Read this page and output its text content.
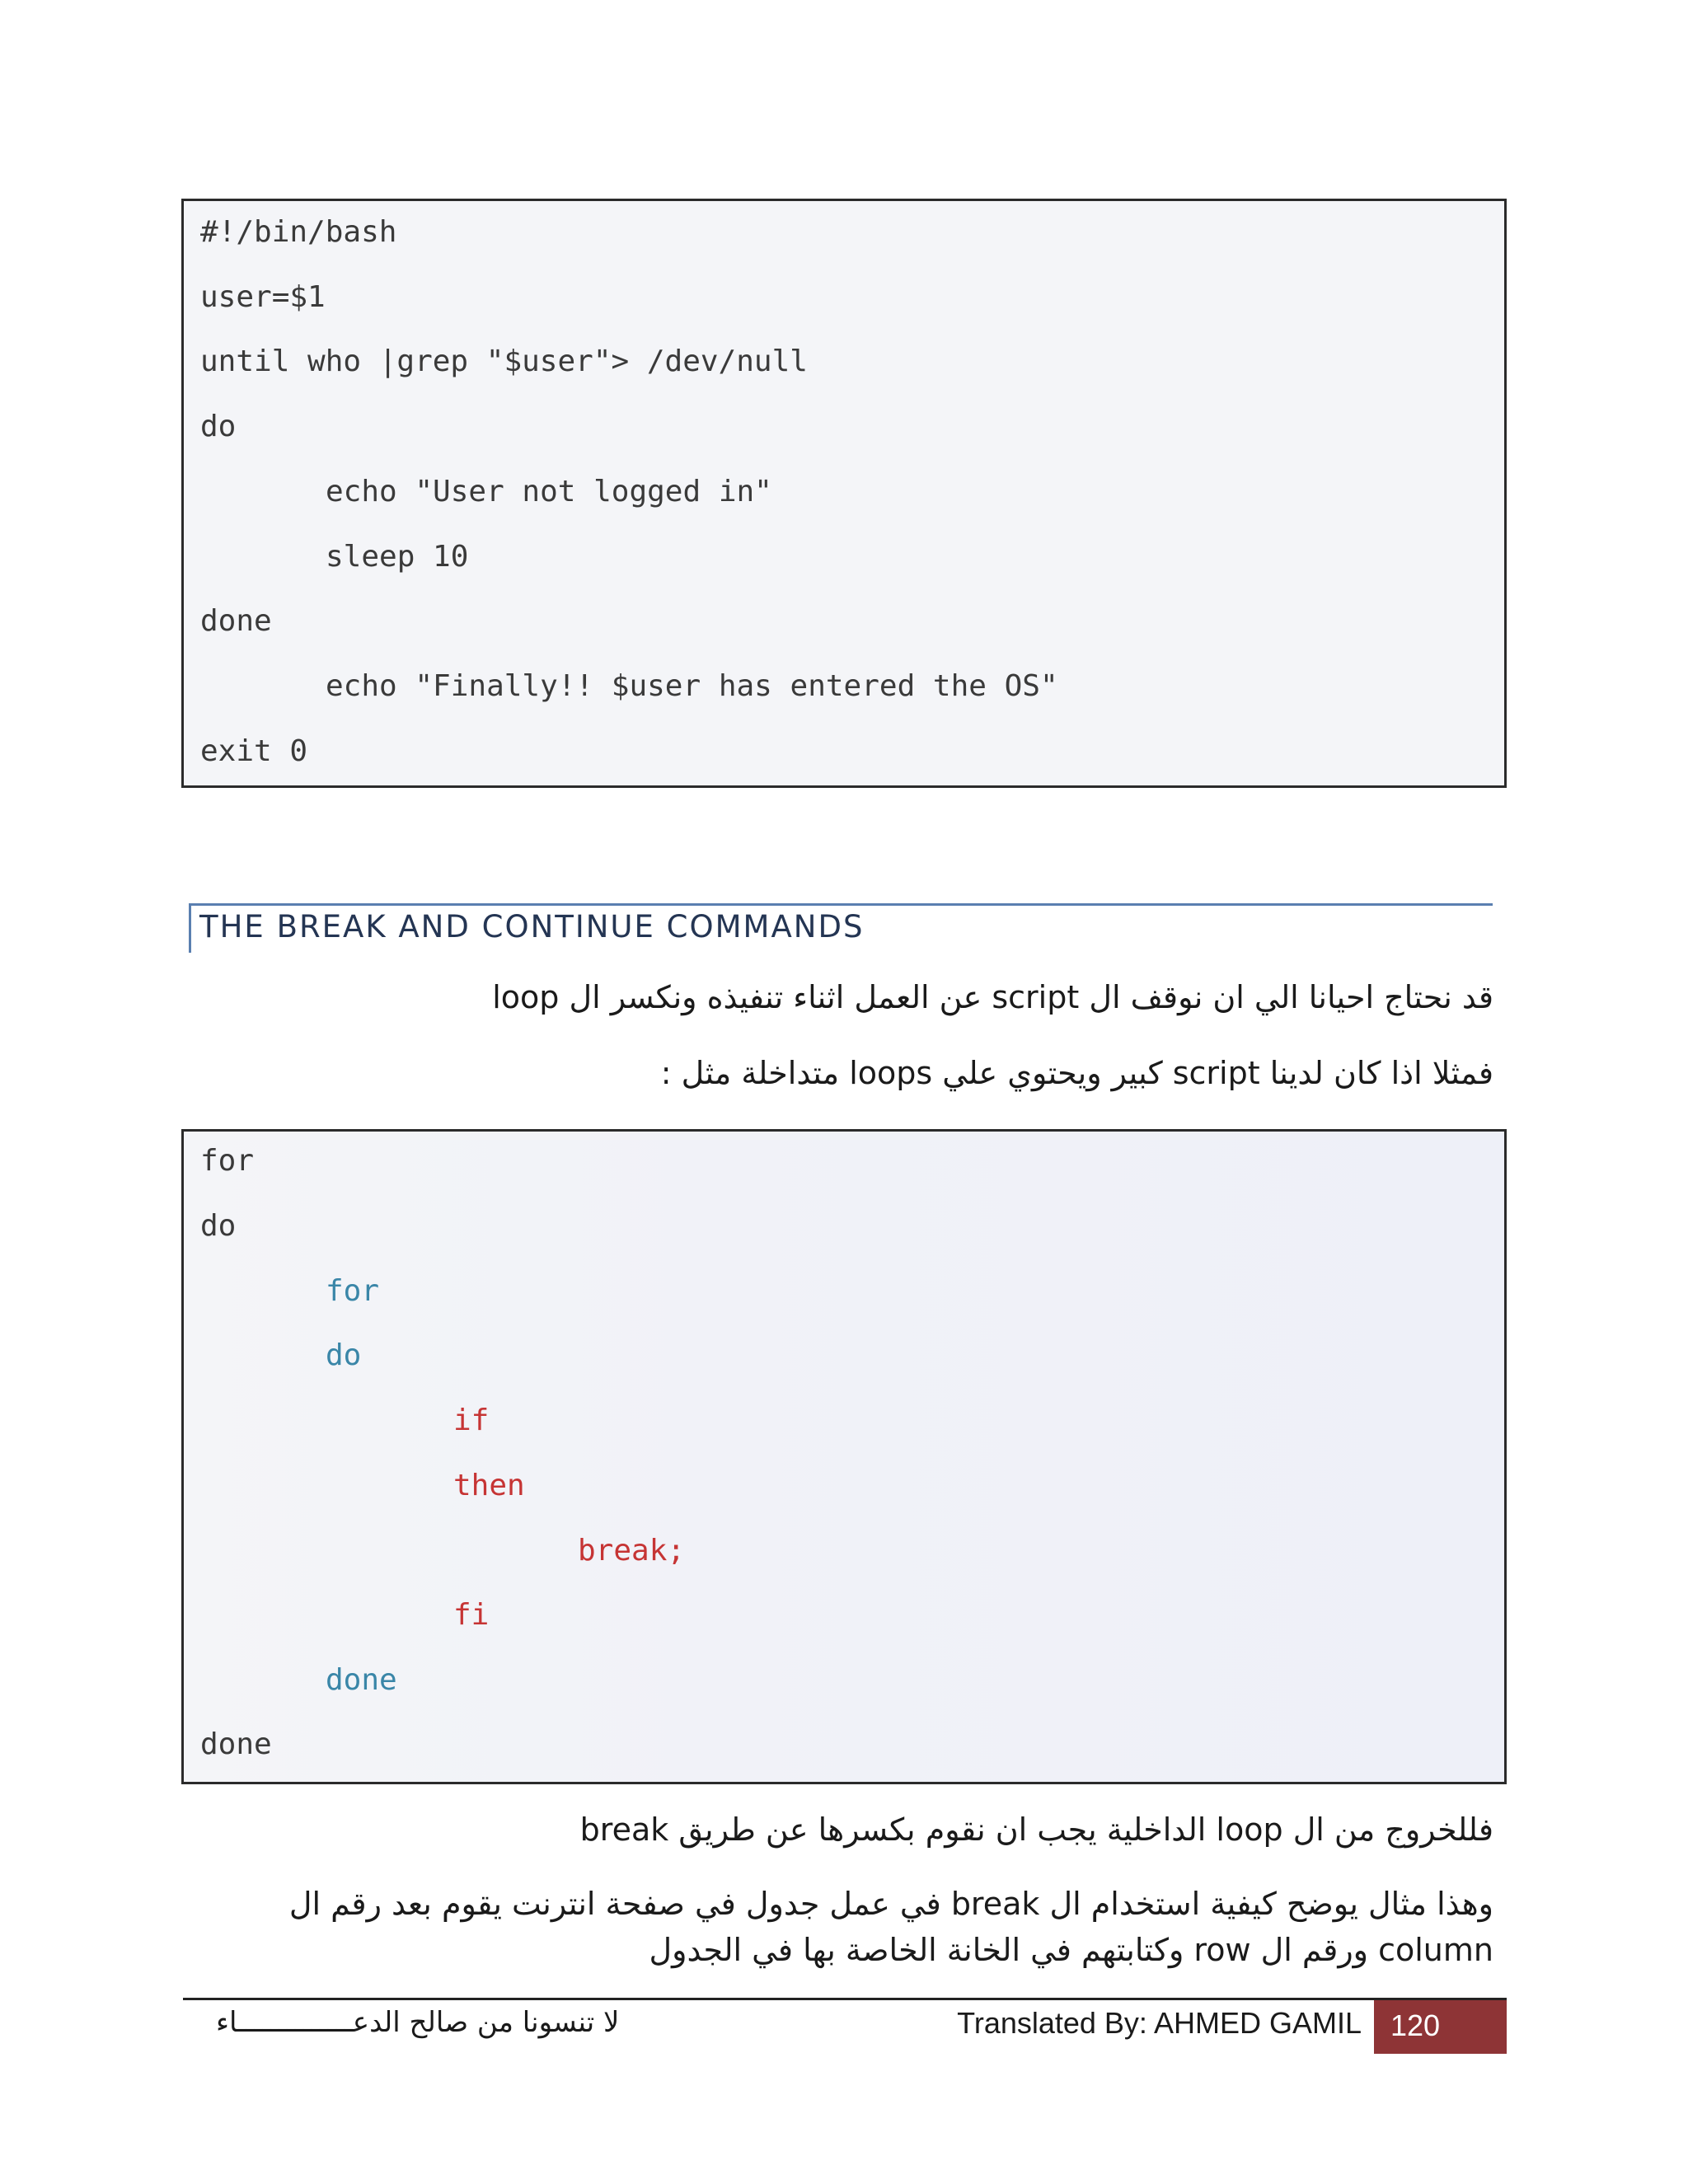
#!/bin/bash
user=$1
until who |grep "$user"> /dev/null
do
echo "User not logged in"
sleep 10
done
echo "Finally!! $user has entered the OS"
exit 0
THE BREAK AND CONTINUE COMMANDS
قد نحتاج احيانا الي ان نوقف ال script عن العمل اثناء تنفيذه ونكسر ال loop
فمثلا اذا كان لدينا script كبير ويحتوي علي loops متداخلة مثل :
for
do
for
do
if
then
break;
fi
done
done
فللخروج من ال loop الداخلية يجب ان نقوم بكسرها عن طريق break
وهذا مثال يوضح كيفية استخدام ال break في عمل جدول في صفحة انترنت يقوم بعد رقم ال column ورقم ال row وكتابتهم في الخانة الخاصة بها في الجدول
لا تنسونا من صالح الدعــــــــــــــاء	Translated By: AHMED GAMIL 120
